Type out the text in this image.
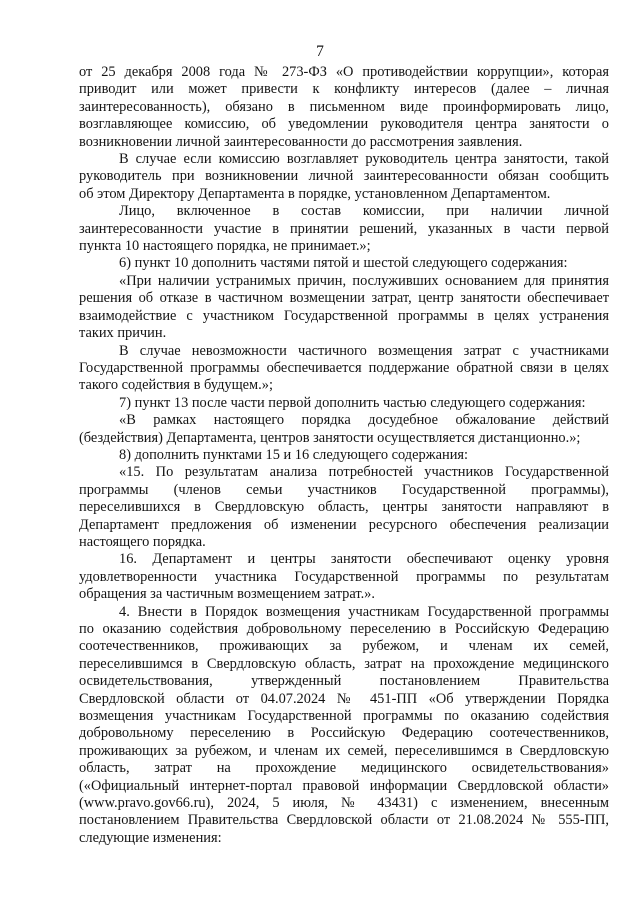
7
от 25 декабря 2008 года № 273-ФЗ «О противодействии коррупции», которая
приводит или может привести к конфликту интересов (далее – личная
заинтересованность), обязано в письменном виде проинформировать лицо,
возглавляющее комиссию, об уведомлении руководителя центра занятости о
возникновении личной заинтересованности до рассмотрения заявления.
В случае если комиссию возглавляет руководитель центра занятости, такой
руководитель при возникновении личной заинтересованности обязан сообщить
об этом Директору Департамента в порядке, установленном Департаментом.
Лицо, включенное в состав комиссии, при наличии личной
заинтересованности участие в принятии решений, указанных в части первой
пункта 10 настоящего порядка, не принимает.»;
6) пункт 10 дополнить частями пятой и шестой следующего содержания:
«При наличии устранимых причин, послуживших основанием для принятия
решения об отказе в частичном возмещении затрат, центр занятости обеспечивает
взаимодействие с участником Государственной программы в целях устранения
таких причин.
В случае невозможности частичного возмещения затрат с участниками
Государственной программы обеспечивается поддержание обратной связи в целях
такого содействия в будущем.»;
7) пункт 13 после части первой дополнить частью следующего содержания:
«В рамках настоящего порядка досудебное обжалование действий
(бездействия) Департамента, центров занятости осуществляется дистанционно.»;
8) дополнить пунктами 15 и 16 следующего содержания:
«15. По результатам анализа потребностей участников Государственной
программы (членов семьи участников Государственной программы),
переселившихся в Свердловскую область, центры занятости направляют в
Департамент предложения об изменении ресурсного обеспечения реализации
настоящего порядка.
16. Департамент и центры занятости обеспечивают оценку уровня
удовлетворенности участника Государственной программы по результатам
обращения за частичным возмещением затрат.».
4. Внести в Порядок возмещения участникам Государственной программы
по оказанию содействия добровольному переселению в Российскую Федерацию
соотечественников, проживающих за рубежом, и членам их семей,
переселившимся в Свердловскую область, затрат на прохождение медицинского
освидетельствования, утвержденный постановлением Правительства
Свердловской области от 04.07.2024 № 451-ПП «Об утверждении Порядка
возмещения участникам Государственной программы по оказанию содействия
добровольному переселению в Российскую Федерацию соотечественников,
проживающих за рубежом, и членам их семей, переселившимся в Свердловскую
область, затрат на прохождение медицинского освидетельствования»
(«Официальный интернет-портал правовой информации Свердловской области»
(www.pravo.gov66.ru), 2024, 5 июля, № 43431) с изменением, внесенным
постановлением Правительства Свердловской области от 21.08.2024 № 555-ПП,
следующие изменения:
